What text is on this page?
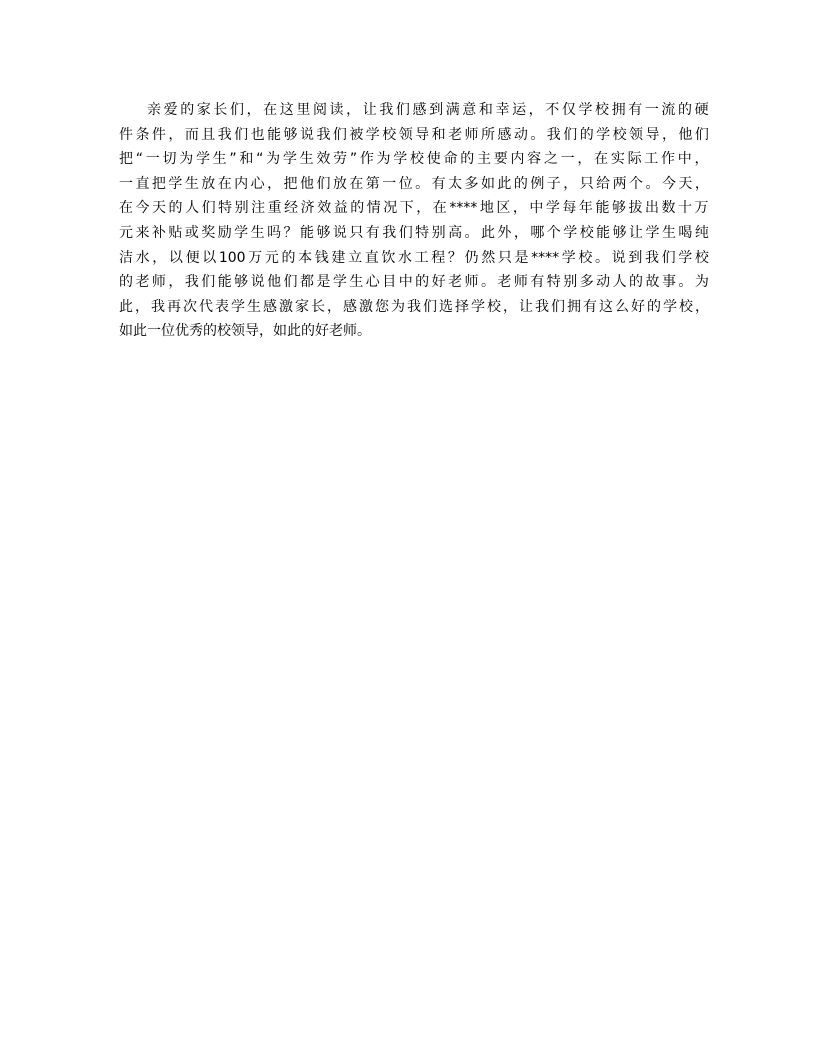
亲 爱 的 家 长 们 ， 在 这 里 阅 读 ， 让 我 们 感 到 满 意 和 幸 运 ， 不 仅 学 校 拥 有 一 流 的 硬
件 条 件 ， 而 且 我 们 也 能 够 说 我 们 被 学 校 领 导 和 老 师 所 感 动 。 我 们 的 学 校 领 导 ， 他 们
把 “ 一 切 为 学 生 ” 和 “ 为 学 生 效 劳 ” 作 为 学 校 使 命 的 主 要 内 容 之 一 ， 在 实 际 工 作 中 ，
一 直 把 学 生 放 在 内 心 ， 把 他 们 放 在 第 一 位 。 有 太 多 如 此 的 例 子 ， 只 给 两 个 。 今 天 ，
在 今 天 的 人 们 特 别 注 重 经 济 效 益 的 情 况 下 ， 在 **** 地 区 ， 中 学 每 年 能 够 拔 出 数 十 万
元 来 补 贴 或 奖 励 学 生 吗 ？ 能 够 说 只 有 我 们 特 别 高 。 此 外 ， 哪 个 学 校 能 够 让 学 生 喝 纯
洁 水 ， 以 便 以 100 万 元 的 本 钱 建 立 直 饮 水 工 程 ？ 仍 然 只 是 **** 学 校 。 说 到 我 们 学 校
的 老 师 ， 我 们 能 够 说 他 们 都 是 学 生 心 目 中 的 好 老 师 。 老 师 有 特 别 多 动 人 的 故 事 。 为
此 ， 我 再 次 代 表 学 生 感 激 家 长 ， 感 激 您 为 我 们 选 择 学 校 ， 让 我 们 拥 有 这 么 好 的 学 校 ，
如此一位优秀的校领导，如此的好老师。
